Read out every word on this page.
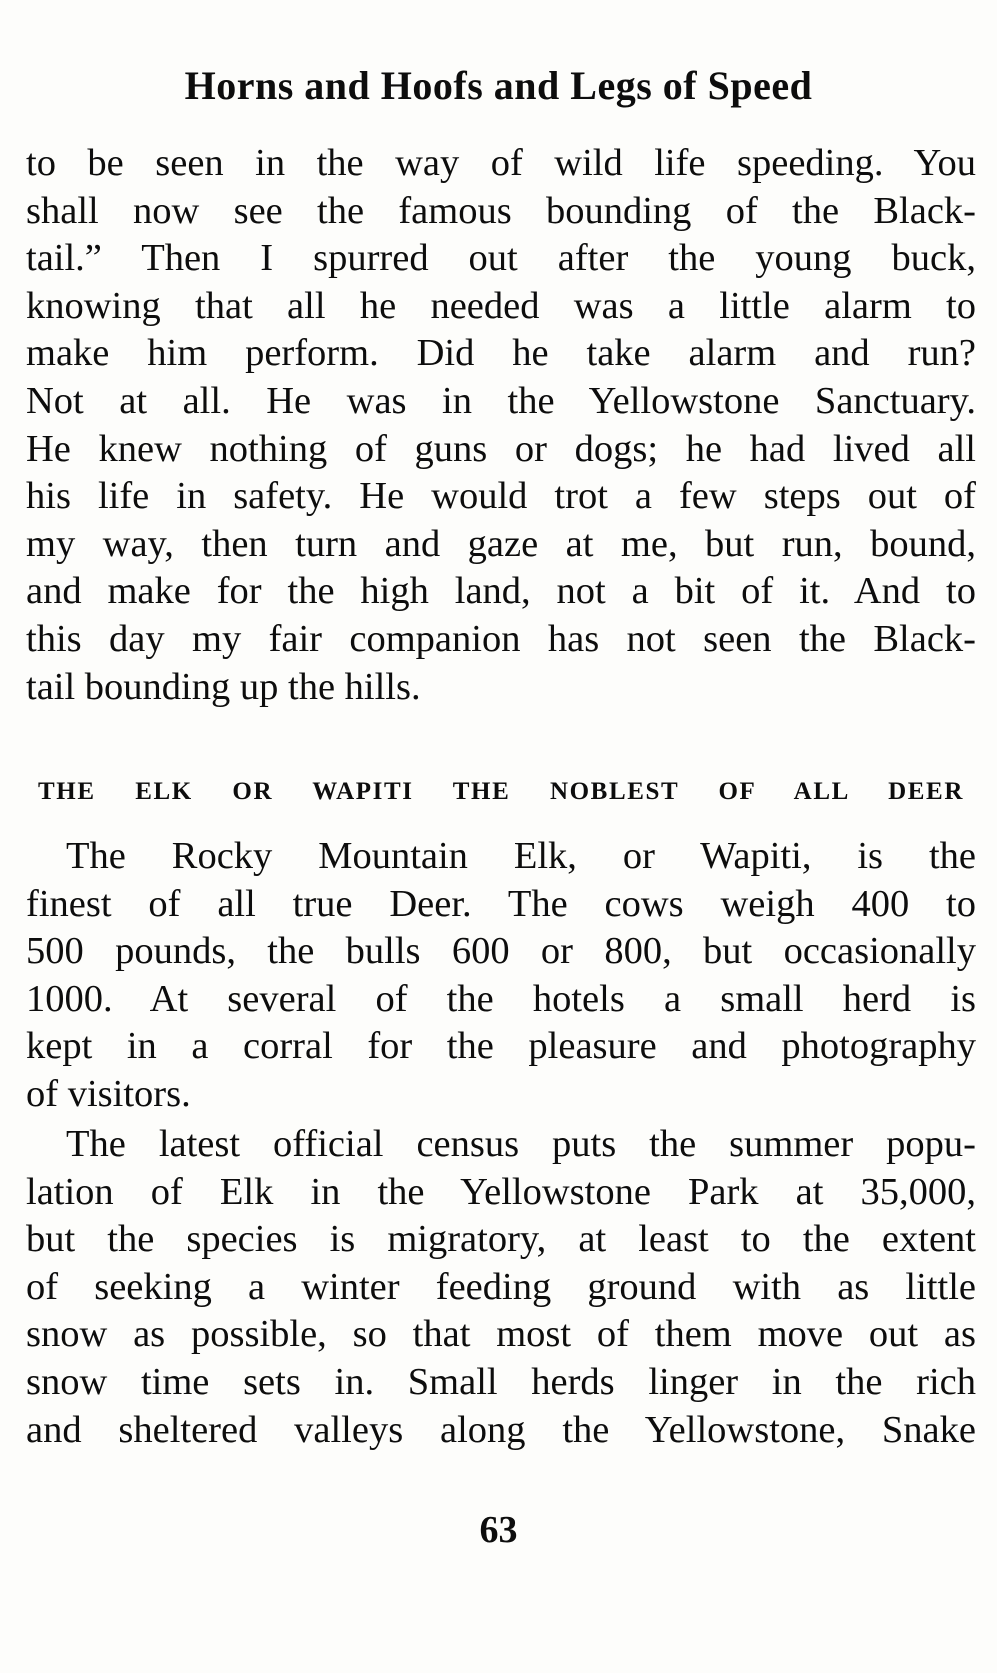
Horns and Hoofs and Legs of Speed
to be seen in the way of wild life speeding. You
shall now see the famous bounding of the Black-
tail.” Then I spurred out after the young buck,
knowing that all he needed was a little alarm to
make him perform. Did he take alarm and run?
Not at all. He was in the Yellowstone Sanctuary.
He knew nothing of guns or dogs; he had lived all
his life in safety. He would trot a few steps out of
my way, then turn and gaze at me, but run, bound,
and make for the high land, not a bit of it. And to
this day my fair companion has not seen the Black-
tail bounding up the hills.
THE ELK OR WAPITI THE NOBLEST OF ALL DEER
The Rocky Mountain Elk, or Wapiti, is the
finest of all true Deer. The cows weigh 400 to
500 pounds, the bulls 600 or 800, but occasionally
1000. At several of the hotels a small herd is
kept in a corral for the pleasure and photography
of visitors.
The latest official census puts the summer popu-
lation of Elk in the Yellowstone Park at 35,000,
but the species is migratory, at least to the extent
of seeking a winter feeding ground with as little
snow as possible, so that most of them move out as
snow time sets in. Small herds linger in the rich
and sheltered valleys along the Yellowstone, Snake
63
